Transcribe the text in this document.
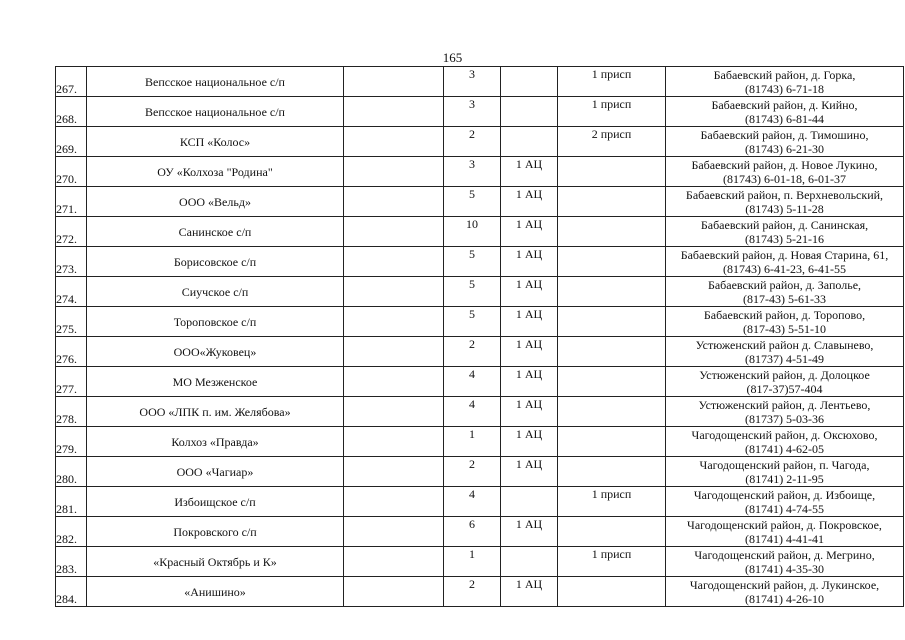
165
267.	Вепсское национальное с/п		3		1 присп	Бабаевский район, д. Горка,
(81743) 6-71-18

268.	Вепсское национальное с/п		3		1 присп	Бабаевский район, д. Кийно,
(81743) 6-81-44

269.	КСП «Колос»		2		2 присп	Бабаевский район, д. Тимошино,
(81743) 6-21-30

270.	ОУ «Колхоза "Родина"		3	1 АЦ		Бабаевский район, д. Новое Лукино,
(81743) 6-01-18, 6-01-37

271.	ООО «Вельд»		5	1 АЦ		Бабаевский район, п. Верхневольский,
(81743) 5-11-28

272.	Санинское с/п		10	1 АЦ		Бабаевский район, д. Санинская,
(81743) 5-21-16

273.	Борисовское с/п		5	1 АЦ		Бабаевский район, д. Новая Старина, 61,
(81743) 6-41-23, 6-41-55

274.	Сиучское с/п		5	1 АЦ		Бабаевский район, д. Заполье,
(817-43) 5-61-33

275.	Тороповское с/п		5	1 АЦ		Бабаевский район, д. Торопово,
(817-43) 5-51-10

276.	ООО«Жуковец»		2	1 АЦ		Устюженский район д. Славынево,
(81737) 4-51-49

277.	МО Мезженское		4	1 АЦ		Устюженский район, д. Долоцкое
(817-37)57-404

278.	ООО «ЛПК п. им. Желябова»		4	1 АЦ		Устюженский район, д. Лентьево,
(81737) 5-03-36

279.	Колхоз «Правда»		1	1 АЦ		Чагодощенский район, д. Оксюхово,
(81741) 4-62-05

280.	ООО «Чагиар»		2	1 АЦ		Чагодощенский район, п. Чагода,
(81741) 2-11-95

281.	Избоищское с/п		4		1 присп	Чагодощенский район, д. Избоище,
(81741) 4-74-55

282.	Покровского с/п		6	1 АЦ		Чагодощенский район, д. Покровское,
(81741) 4-41-41

283.	«Красный Октябрь и К»		1		1 присп	Чагодощенский район, д. Мегрино,
(81741) 4-35-30

284.	«Анишино»		2	1 АЦ		Чагодощенский район, д. Лукинское,
(81741) 4-26-10
